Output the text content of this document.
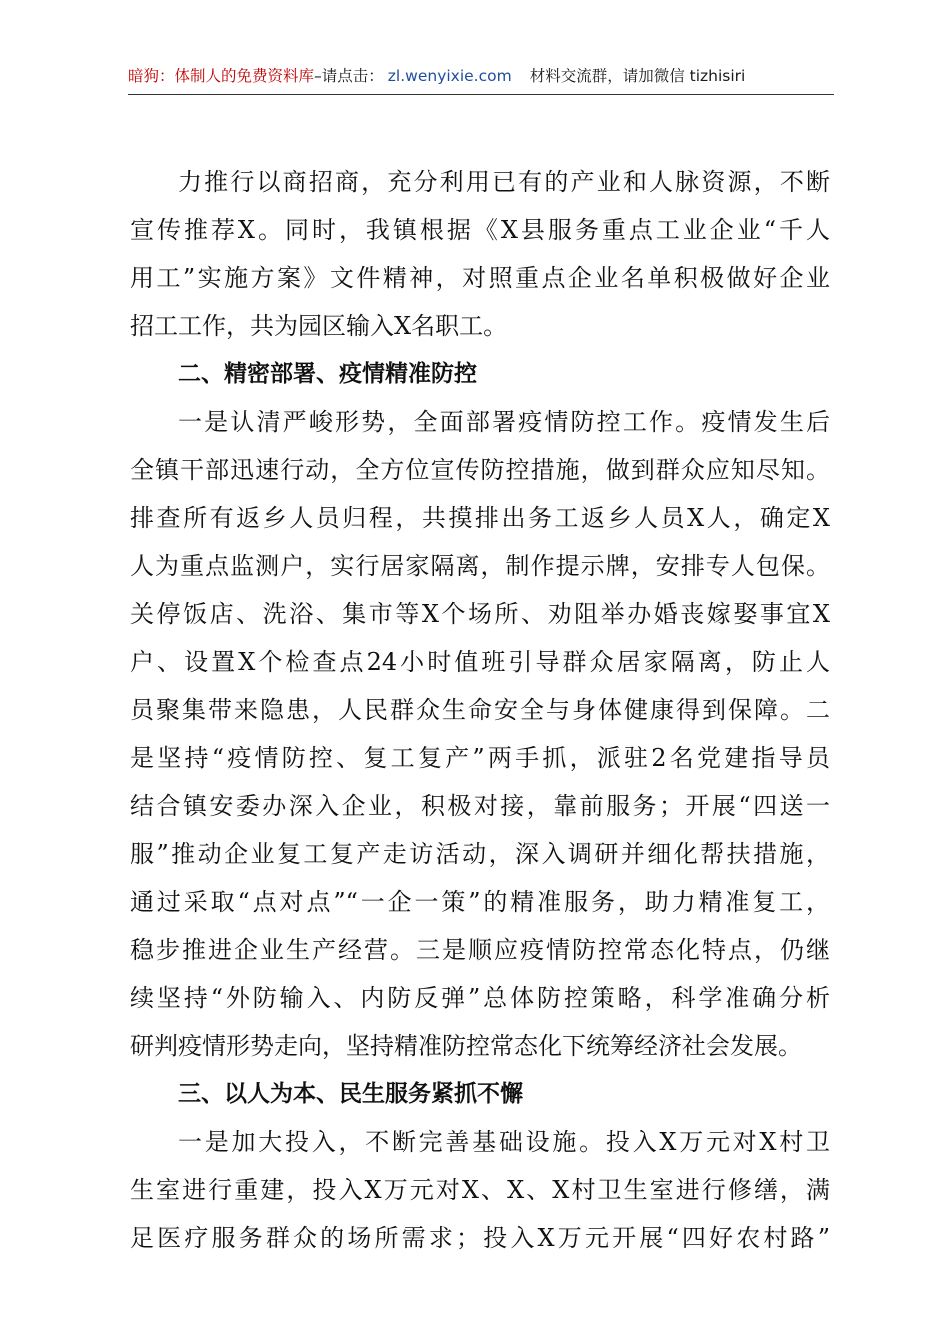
暗狗：体制人的免费资料库–请点击： zl.wenyixie.com 材料交流群，请加微信 tizhisiri
力推行以商招商，充分利用已有的产业和人脉资源，不断
宣传推荐X。同时，我镇根据《X县服务重点工业企业“千人
用工”实施方案》文件精神，对照重点企业名单积极做好企业
招工工作，共为园区输入X名职工。
二、精密部署、疫情精准防控
一是认清严峻形势，全面部署疫情防控工作。疫情发生后
全镇干部迅速行动，全方位宣传防控措施，做到群众应知尽知。
排查所有返乡人员归程，共摸排出务工返乡人员X人，确定X
人为重点监测户，实行居家隔离，制作提示牌，安排专人包保。
关停饭店、洗浴、集市等X个场所、劝阻举办婚丧嫁娶事宜X
户、设置X个检查点24小时值班引导群众居家隔离，防止人
员聚集带来隐患，人民群众生命安全与身体健康得到保障。二
是坚持“疫情防控、复工复产”两手抓，派驻2名党建指导员
结合镇安委办深入企业，积极对接，靠前服务；开展“四送一
服”推动企业复工复产走访活动，深入调研并细化帮扶措施，
通过采取“点对点”“一企一策”的精准服务，助力精准复工，
稳步推进企业生产经营。三是顺应疫情防控常态化特点，仍继
续坚持“外防输入、内防反弹”总体防控策略，科学准确分析
研判疫情形势走向，坚持精准防控常态化下统筹经济社会发展。
三、以人为本、民生服务紧抓不懈
一是加大投入，不断完善基础设施。投入X万元对X村卫
生室进行重建，投入X万元对X、X、X村卫生室进行修缮，满
足医疗服务群众的场所需求；投入X万元开展“四好农村路”
